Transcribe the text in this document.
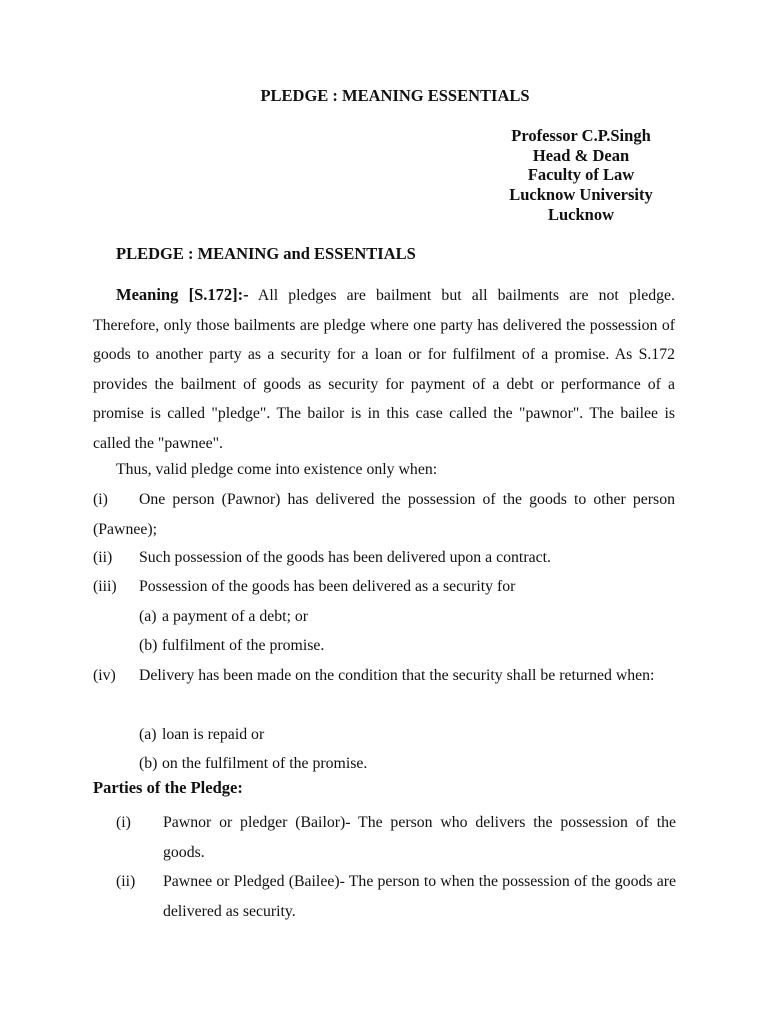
PLEDGE : MEANING ESSENTIALS
Professor C.P.Singh
Head & Dean
Faculty of Law
Lucknow University
Lucknow
PLEDGE : MEANING and ESSENTIALS
Meaning [S.172]:- All pledges are bailment but all bailments are not pledge. Therefore, only those bailments are pledge where one party has delivered the possession of goods to another party as a security for a loan or for fulfilment of a promise. As S.172 provides the bailment of goods as security for payment of a debt or performance of a promise is called "pledge". The bailor is in this case called the "pawnor". The bailee is called the "pawnee".
Thus, valid pledge come into existence only when:
(i)	One person (Pawnor) has delivered the possession of the goods to other person (Pawnee);
(ii)	Such possession of the goods has been delivered upon a contract.
(iii)	Possession of the goods has been delivered as a security for
(a) a payment of a debt; or
(b) fulfilment of the promise.
(iv)	Delivery has been made on the condition that the security shall be returned when:
(a) loan is repaid or
(b) on the fulfilment of the promise.
Parties of the Pledge:
(i) Pawnor or pledger (Bailor)- The person who delivers the possession of the goods.
(ii) Pawnee or Pledged (Bailee)- The person to when the possession of the goods are delivered as security.
